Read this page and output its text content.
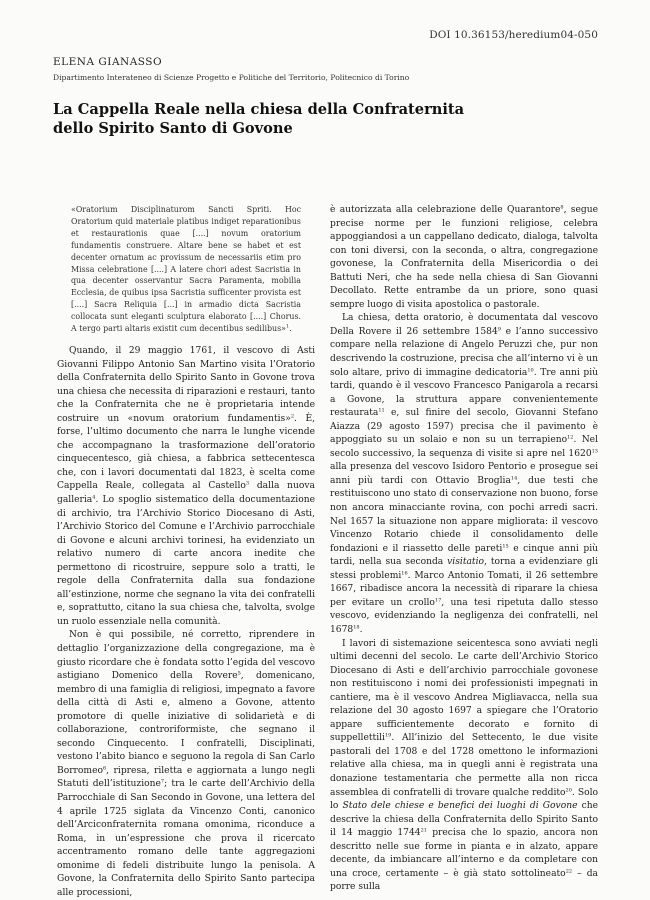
DOI 10.36153/heredium04-050
ELENA GIANASSO
Dipartimento Interateneo di Scienze Progetto e Politiche del Territorio, Politecnico di Torino
La Cappella Reale nella chiesa della Confraternita
dello Spirito Santo di Govone

«Oratorium Disciplinaturom Sancti Spriti. Hoc Oratorium quid materiale platibus indiget reparationibus et restaurationis quae [....] novum oratorium fundamentis construere. Altare bene se habet et est decenter ornatum ac provissum de necessariis etim pro Missa celebratione [....] A latere chori adest Sacristia in qua decenter osservantur Sacra Paramenta, mobilia Ecclesia, de quibus ipsa Sacristia sufficenter provista est [....] Sacra Reliquia [...] in armadio dicta Sacristia collocata sunt eleganti sculptura elaborato [....] Chorus. A tergo parti altaris existit cum decentibus sedilibus»$^1$.

Quando, il 29 maggio 1761, il vescovo di Asti Giovanni Filippo Antonio San Martino visita l’Oratorio della Confraternita dello Spirito Santo in Govone trova una chiesa che necessita di riparazioni e restauri, tanto che la Confraternita che ne è proprietaria intende costruire un «novum oratorium fundamentis»$^2$. È, forse, l’ultimo documento che narra le lunghe vicende che accompagnano la trasformazione dell’oratorio cinquecentesco, già chiesa, a fabbrica settecentesca che, con i lavori documentati dal 1823, è scelta come Cappella Reale, collegata al Castello$^3$ dalla nuova galleria$^4$. Lo spoglio sistematico della documentazione di archivio, tra l’Archivio Storico Diocesano di Asti, l’Archivio Storico del Comune e l’Archivio parrocchiale di Govone e alcuni archivi torinesi, ha evidenziato un relativo numero di carte ancora inedite che permettono di ricostruire, seppure solo a tratti, le regole della Confraternita dalla sua fondazione all’estinzione, norme che segnano la vita dei confratelli e, soprattutto, citano la sua chiesa che, talvolta, svolge un ruolo essenziale nella comunità.

Non è qui possibile, né corretto, riprendere in dettaglio l’organizzazione della congregazione, ma è giusto ricordare che è fondata sotto l’egida del vescovo astigiano Domenico della Rovere$^5$, domenicano, membro di una famiglia di religiosi, impegnato a favore della città di Asti e, almeno a Govone, attento promotore di quelle iniziative di solidarietà e di collaborazione, controriformiste, che segnano il secondo Cinquecento. I confratelli, Disciplinati, vestono l’abito bianco e seguono la regola di San Carlo Borromeo$^6$, ripresa, riletta e aggiornata a lungo negli Statuti dell’istituzione$^7$; tra le carte dell’Archivio della Parrocchiale di San Secondo in Govone, una lettera del 4 aprile 1725 siglata da Vincenzo Conti, canonico dell’Arciconfraternita romana omonima, riconduce a Roma, in un’espressione che prova il ricercato accentramento romano delle tante aggregazioni omonime di fedeli distribuite lungo la penisola. A Govone, la Confraternita dello Spirito Santo partecipa alle processioni,

è autorizzata alla celebrazione delle Quarantore$^8$, segue precise norme per le funzioni religiose, celebra appoggiandosi a un cappellano dedicato, dialoga, talvolta con toni diversi, con la seconda, o altra, congregazione govonese, la Confraternita della Misericordia o dei Battuti Neri, che ha sede nella chiesa di San Giovanni Decollato. Rette entrambe da un priore, sono quasi sempre luogo di visita apostolica o pastorale.

La chiesa, detta oratorio, è documentata dal vescovo Della Rovere il 26 settembre 1584$^9$ e l’anno successivo compare nella relazione di Angelo Peruzzi che, pur non descrivendo la costruzione, precisa che all’interno vi è un solo altare, privo di immagine dedicatoria$^{10}$. Tre anni più tardi, quando è il vescovo Francesco Panigarola a recarsi a Govone, la struttura appare convenientemente restaurata$^{11}$ e, sul finire del secolo, Giovanni Stefano Aiazza (29 agosto 1597) precisa che il pavimento è appoggiato su un solaio e non su un terrapieno$^{12}$. Nel secolo successivo, la sequenza di visite si apre nel 1620$^{13}$ alla presenza del vescovo Isidoro Pentorio e prosegue sei anni più tardi con Ottavio Broglia$^{14}$, due testi che restituiscono uno stato di conservazione non buono, forse non ancora minacciante rovina, con pochi arredi sacri. Nel 1657 la situazione non appare migliorata: il vescovo Vincenzo Rotario chiede il consolidamento delle fondazioni e il riassetto delle pareti$^{15}$ e cinque anni più tardi, nella sua seconda visitatio, torna a evidenziare gli stessi problemi$^{16}$. Marco Antonio Tomati, il 26 settembre 1667, ribadisce ancora la necessità di riparare la chiesa per evitare un crollo$^{17}$, una tesi ripetuta dallo stesso vescovo, evidenziando la negligenza dei confratelli, nel 1678$^{18}$.

I lavori di sistemazione seicentesca sono avviati negli ultimi decenni del secolo. Le carte dell’Archivio Storico Diocesano di Asti e dell’archivio parrocchiale govonese non restituiscono i nomi dei professionisti impegnati in cantiere, ma è il vescovo Andrea Migliavacca, nella sua relazione del 30 agosto 1697 a spiegare che l’Oratorio appare sufficientemente decorato e fornito di suppellettili$^{19}$. All’inizio del Settecento, le due visite pastorali del 1708 e del 1728 omettono le informazioni relative alla chiesa, ma in quegli anni è registrata una donazione testamentaria che permette alla non ricca assemblea di confratelli di trovare qualche reddito$^{20}$. Solo lo Stato dele chiese e benefici dei luoghi di Govone che descrive la chiesa della Confraternita dello Spirito Santo il 14 maggio 1744$^{21}$ precisa che lo spazio, ancora non descritto nelle sue forme in pianta e in alzato, appare decente, da imbiancare all’interno e da completare con una croce, certamente – è già stato sottolineato$^{22}$ – da porre sulla
